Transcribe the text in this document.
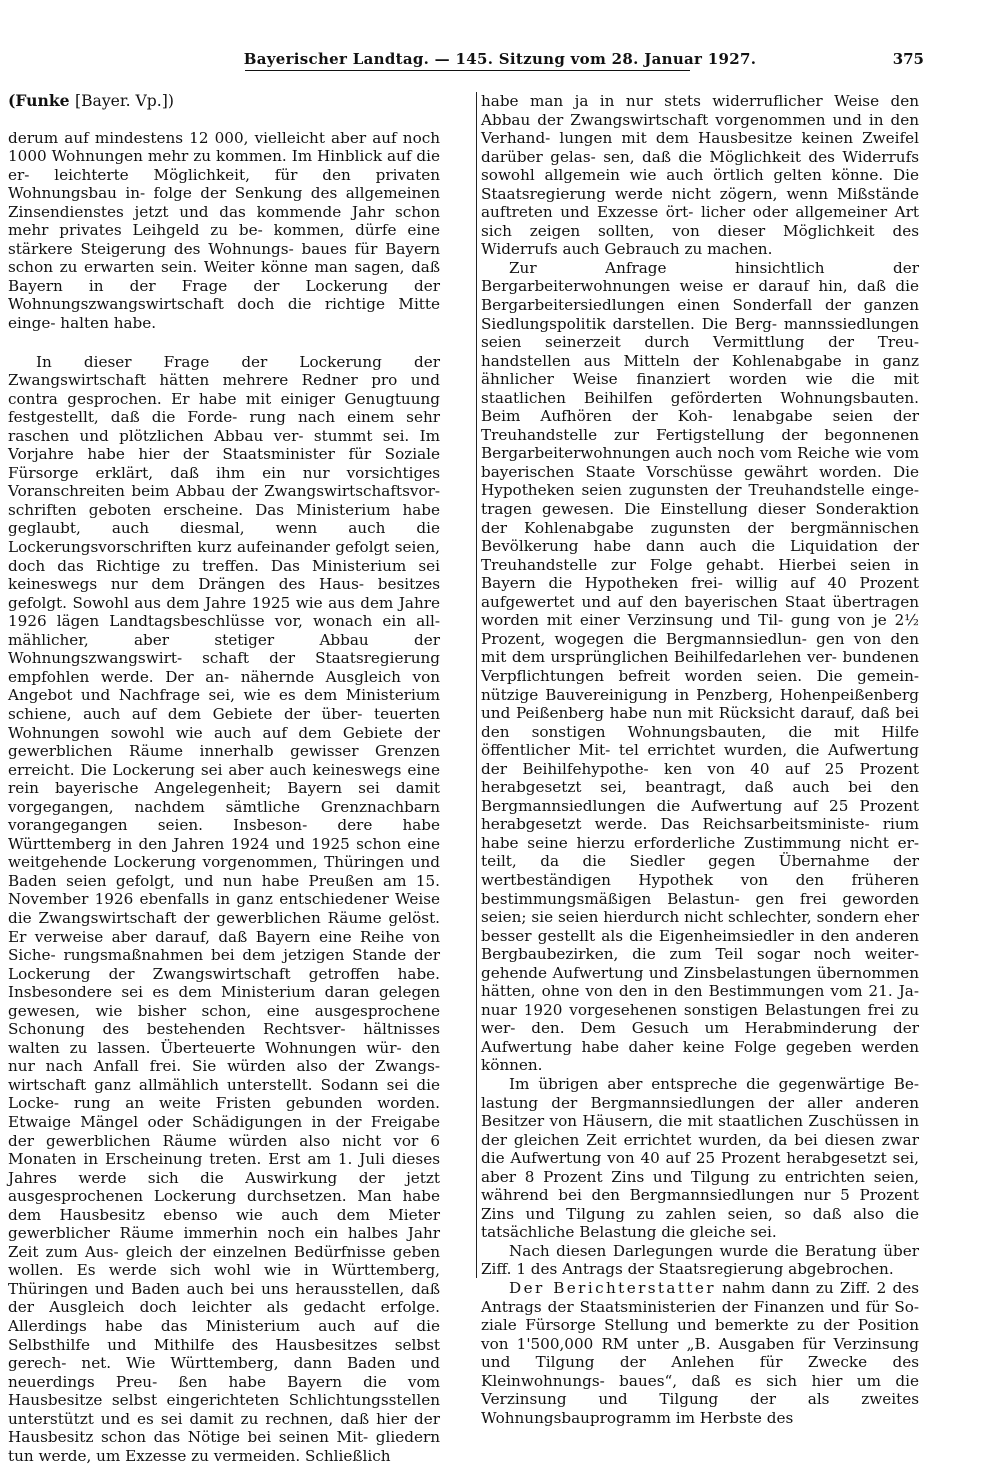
Bayerischer Landtag. — 145. Sitzung vom 28. Januar 1927.	375
(Funke [Bayer. Vp.])

derum auf mindestens 12 000, vielleicht aber auf noch 1000 Wohnungen mehr zu kommen. Im Hinblick auf die er- leichterte Möglichkeit, für den privaten Wohnungsbau in- folge der Senkung des allgemeinen Zinsendienstes jetzt und das kommende Jahr schon mehr privates Leihgeld zu be- kommen, dürfe eine stärkere Steigerung des Wohnungs- baues für Bayern schon zu erwarten sein. Weiter könne man sagen, daß Bayern in der Frage der Lockerung der Wohnungszwangswirtschaft doch die richtige Mitte einge- halten habe.

In dieser Frage der Lockerung der Zwangswirtschaft hätten mehrere Redner pro und contra gesprochen. Er habe mit einiger Genugtuung festgestellt, daß die Forde- rung nach einem sehr raschen und plötzlichen Abbau ver- stummt sei. Im Vorjahre habe hier der Staatsminister für Soziale Fürsorge erklärt, daß ihm ein nur vorsichtiges Voranschreiten beim Abbau der Zwangswirtschaftsvor- schriften geboten erscheine. Das Ministerium habe geglaubt, auch diesmal, wenn auch die Lockerungsvorschriften kurz aufeinander gefolgt seien, doch das Richtige zu treffen. Das Ministerium sei keineswegs nur dem Drängen des Haus- besitzes gefolgt. Sowohl aus dem Jahre 1925 wie aus dem Jahre 1926 lägen Landtagsbeschlüsse vor, wonach ein all- mählicher, aber stetiger Abbau der Wohnungszwangswirt- schaft der Staatsregierung empfohlen werde. Der an- nähernde Ausgleich von Angebot und Nachfrage sei, wie es dem Ministerium schiene, auch auf dem Gebiete der über- teuerten Wohnungen sowohl wie auch auf dem Gebiete der gewerblichen Räume innerhalb gewisser Grenzen erreicht. Die Lockerung sei aber auch keineswegs eine rein bayerische Angelegenheit; Bayern sei damit vorgegangen, nachdem sämtliche Grenznachbarn vorangegangen seien. Insbeson- dere habe Württemberg in den Jahren 1924 und 1925 schon eine weitgehende Lockerung vorgenommen, Thüringen und Baden seien gefolgt, und nun habe Preußen am 15. November 1926 ebenfalls in ganz entschiedener Weise die Zwangswirtschaft der gewerblichen Räume gelöst. Er verweise aber darauf, daß Bayern eine Reihe von Siche- rungsmaßnahmen bei dem jetzigen Stande der Lockerung der Zwangswirtschaft getroffen habe. Insbesondere sei es dem Ministerium daran gelegen gewesen, wie bisher schon, eine ausgesprochene Schonung des bestehenden Rechtsver- hältnisses walten zu lassen. Überteuerte Wohnungen wür- den nur nach Anfall frei. Sie würden also der Zwangs- wirtschaft ganz allmählich unterstellt. Sodann sei die Locke- rung an weite Fristen gebunden worden. Etwaige Mängel oder Schädigungen in der Freigabe der gewerblichen Räume würden also nicht vor 6 Monaten in Erscheinung treten. Erst am 1. Juli dieses Jahres werde sich die Auswirkung der jetzt ausgesprochenen Lockerung durchsetzen. Man habe dem Hausbesitz ebenso wie auch dem Mieter gewerblicher Räume immerhin noch ein halbes Jahr Zeit zum Aus- gleich der einzelnen Bedürfnisse geben wollen. Es werde sich wohl wie in Württemberg, Thüringen und Baden auch bei uns herausstellen, daß der Ausgleich doch leichter als gedacht erfolge. Allerdings habe das Ministerium auch auf die Selbsthilfe und Mithilfe des Hausbesitzes selbst gerech- net. Wie Württemberg, dann Baden und neuerdings Preu- ßen habe Bayern die vom Hausbesitze selbst eingerichteten Schlichtungsstellen unterstützt und es sei damit zu rechnen, daß hier der Hausbesitz schon das Nötige bei seinen Mit- gliedern tun werde, um Exzesse zu vermeiden. Schließlich

habe man ja in nur stets widerruflicher Weise den Abbau der Zwangswirtschaft vorgenommen und in den Verhand- lungen mit dem Hausbesitze keinen Zweifel darüber gelas- sen, daß die Möglichkeit des Widerrufs sowohl allgemein wie auch örtlich gelten könne. Die Staatsregierung werde nicht zögern, wenn Mißstände auftreten und Exzesse ört- licher oder allgemeiner Art sich zeigen sollten, von dieser Möglichkeit des Widerrufs auch Gebrauch zu machen.

Zur Anfrage hinsichtlich der Bergarbeiterwohnungen weise er darauf hin, daß die Bergarbeitersiedlungen einen Sonderfall der ganzen Siedlungspolitik darstellen. Die Berg- mannssiedlungen seien seinerzeit durch Vermittlung der Treu- handstellen aus Mitteln der Kohlenabgabe in ganz ähnlicher Weise finanziert worden wie die mit staatlichen Beihilfen geförderten Wohnungsbauten. Beim Aufhören der Koh- lenabgabe seien der Treuhandstelle zur Fertigstellung der begonnenen Bergarbeiterwohnungen auch noch vom Reiche wie vom bayerischen Staate Vorschüsse gewährt worden. Die Hypotheken seien zugunsten der Treuhandstelle einge- tragen gewesen. Die Einstellung dieser Sonderaktion der Kohlenabgabe zugunsten der bergmännischen Bevölkerung habe dann auch die Liquidation der Treuhandstelle zur Folge gehabt. Hierbei seien in Bayern die Hypotheken frei- willig auf 40 Prozent aufgewertet und auf den bayerischen Staat übertragen worden mit einer Verzinsung und Til- gung von je 2½ Prozent, wogegen die Bergmannsiedlun- gen von den mit dem ursprünglichen Beihilfedarlehen ver- bundenen Verpflichtungen befreit worden seien. Die gemein- nützige Bauvereinigung in Penzberg, Hohenpeißenberg und Peißenberg habe nun mit Rücksicht darauf, daß bei den sonstigen Wohnungsbauten, die mit Hilfe öffentlicher Mit- tel errichtet wurden, die Aufwertung der Beihilfehypothe- ken von 40 auf 25 Prozent herabgesetzt sei, beantragt, daß auch bei den Bergmannsiedlungen die Aufwertung auf 25 Prozent herabgesetzt werde. Das Reichsarbeitsministe- rium habe seine hierzu erforderliche Zustimmung nicht er- teilt, da die Siedler gegen Übernahme der wertbeständigen Hypothek von den früheren bestimmungsmäßigen Belastun- gen frei geworden seien; sie seien hierdurch nicht schlechter, sondern eher besser gestellt als die Eigenheimsiedler in den anderen Bergbaubezirken, die zum Teil sogar noch weiter- gehende Aufwertung und Zinsbelastungen übernommen hätten, ohne von den in den Bestimmungen vom 21. Ja- nuar 1920 vorgesehenen sonstigen Belastungen frei zu wer- den. Dem Gesuch um Herabminderung der Aufwertung habe daher keine Folge gegeben werden können.

Im übrigen aber entspreche die gegenwärtige Be- lastung der Bergmannsiedlungen der aller anderen Besitzer von Häusern, die mit staatlichen Zuschüssen in der gleichen Zeit errichtet wurden, da bei diesen zwar die Aufwertung von 40 auf 25 Prozent herabgesetzt sei, aber 8 Prozent Zins und Tilgung zu entrichten seien, während bei den Bergmannsiedlungen nur 5 Prozent Zins und Tilgung zu zahlen seien, so daß also die tatsächliche Belastung die gleiche sei.

Nach diesen Darlegungen wurde die Beratung über Ziff. 1 des Antrags der Staatsregierung abgebrochen.

Der Berichterstatter nahm dann zu Ziff. 2 des Antrags der Staatsministerien der Finanzen und für So- ziale Fürsorge Stellung und bemerkte zu der Position von 1'500,000 RM unter „B. Ausgaben für Verzinsung und Tilgung der Anlehen für Zwecke des Kleinwohnungs- baues“, daß es sich hier um die Verzinsung und Tilgung der als zweites Wohnungsbauprogramm im Herbste des
